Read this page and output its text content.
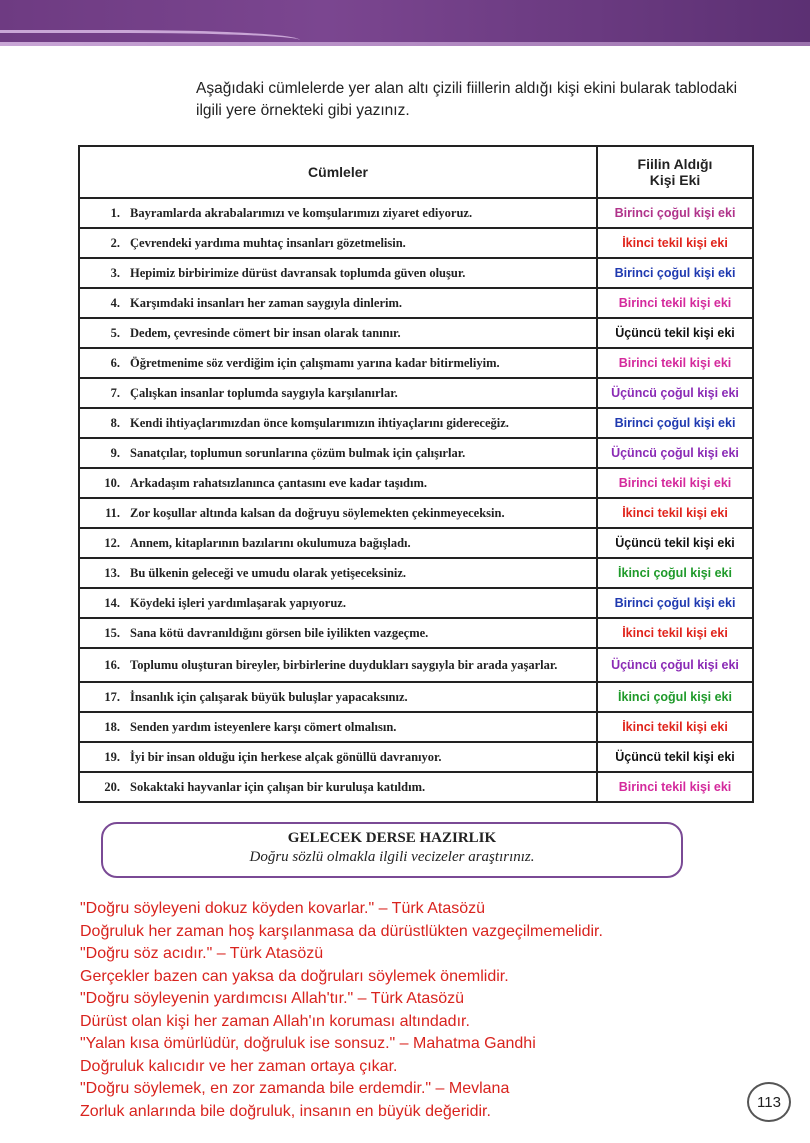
Aşağıdaki cümlelerde yer alan altı çizili fiillerin aldığı kişi ekini bularak tablodaki ilgili yere örnekteki gibi yazınız.
Cümleler	Fiilin Aldığı
Kişi Eki

1. Bayramlarda akrabalarımızı ve komşularımızı ziyaret ediyoruz.	Birinci çoğul kişi eki

2. Çevrendeki yardıma muhtaç insanları gözetmelisin.	İkinci tekil kişi eki

3. Hepimiz birbirimize dürüst davransak toplumda güven oluşur.	Birinci çoğul kişi eki

4. Karşımdaki insanları her zaman saygıyla dinlerim.	Birinci tekil kişi eki

5. Dedem, çevresinde cömert bir insan olarak tanınır.	Üçüncü tekil kişi eki

6. Öğretmenime söz verdiğim için çalışmamı yarına kadar bitirmeliyim.	Birinci tekil kişi eki

7. Çalışkan insanlar toplumda saygıyla karşılanırlar.	Üçüncü çoğul kişi eki

8. Kendi ihtiyaçlarımızdan önce komşularımızın ihtiyaçlarını gidereceğiz.	Birinci çoğul kişi eki

9. Sanatçılar, toplumun sorunlarına çözüm bulmak için çalışırlar.	Üçüncü çoğul kişi eki

10. Arkadaşım rahatsızlanınca çantasını eve kadar taşıdım.	Birinci tekil kişi eki

11. Zor koşullar altında kalsan da doğruyu söylemekten çekinmeyeceksin.	İkinci tekil kişi eki

12. Annem, kitaplarının bazılarını okulumuza bağışladı.	Üçüncü tekil kişi eki

13. Bu ülkenin geleceği ve umudu olarak yetişeceksiniz.	İkinci çoğul kişi eki

14. Köydeki işleri yardımlaşarak yapıyoruz.	Birinci çoğul kişi eki

15. Sana kötü davranıldığını görsen bile iyilikten vazgeçme.	İkinci tekil kişi eki

16. Toplumu oluşturan bireyler, birbirlerine duydukları saygıyla bir arada yaşarlar.	Üçüncü çoğul kişi eki

17. İnsanlık için çalışarak büyük buluşlar yapacaksınız.	İkinci çoğul kişi eki

18. Senden yardım isteyenlere karşı cömert olmalısın.	İkinci tekil kişi eki

19. İyi bir insan olduğu için herkese alçak gönüllü davranıyor.	Üçüncü tekil kişi eki

20. Sokaktaki hayvanlar için çalışan bir kuruluşa katıldım.	Birinci tekil kişi eki
GELECEK DERSE HAZIRLIK
Doğru sözlü olmakla ilgili vecizeler araştırınız.
"Doğru söyleyeni dokuz köyden kovarlar." – Türk Atasözü
Doğruluk her zaman hoş karşılanmasa da dürüstlükten vazgeçilmemelidir.
"Doğru söz acıdır." – Türk Atasözü
Gerçekler bazen can yaksa da doğruları söylemek önemlidir.
"Doğru söyleyenin yardımcısı Allah'tır." – Türk Atasözü
Dürüst olan kişi her zaman Allah'ın koruması altındadır.
"Yalan kısa ömürlüdür, doğruluk ise sonsuz." – Mahatma Gandhi
Doğruluk kalıcıdır ve her zaman ortaya çıkar.
"Doğru söylemek, en zor zamanda bile erdemdir." – Mevlana
Zorluk anlarında bile doğruluk, insanın en büyük değeridir.
113
